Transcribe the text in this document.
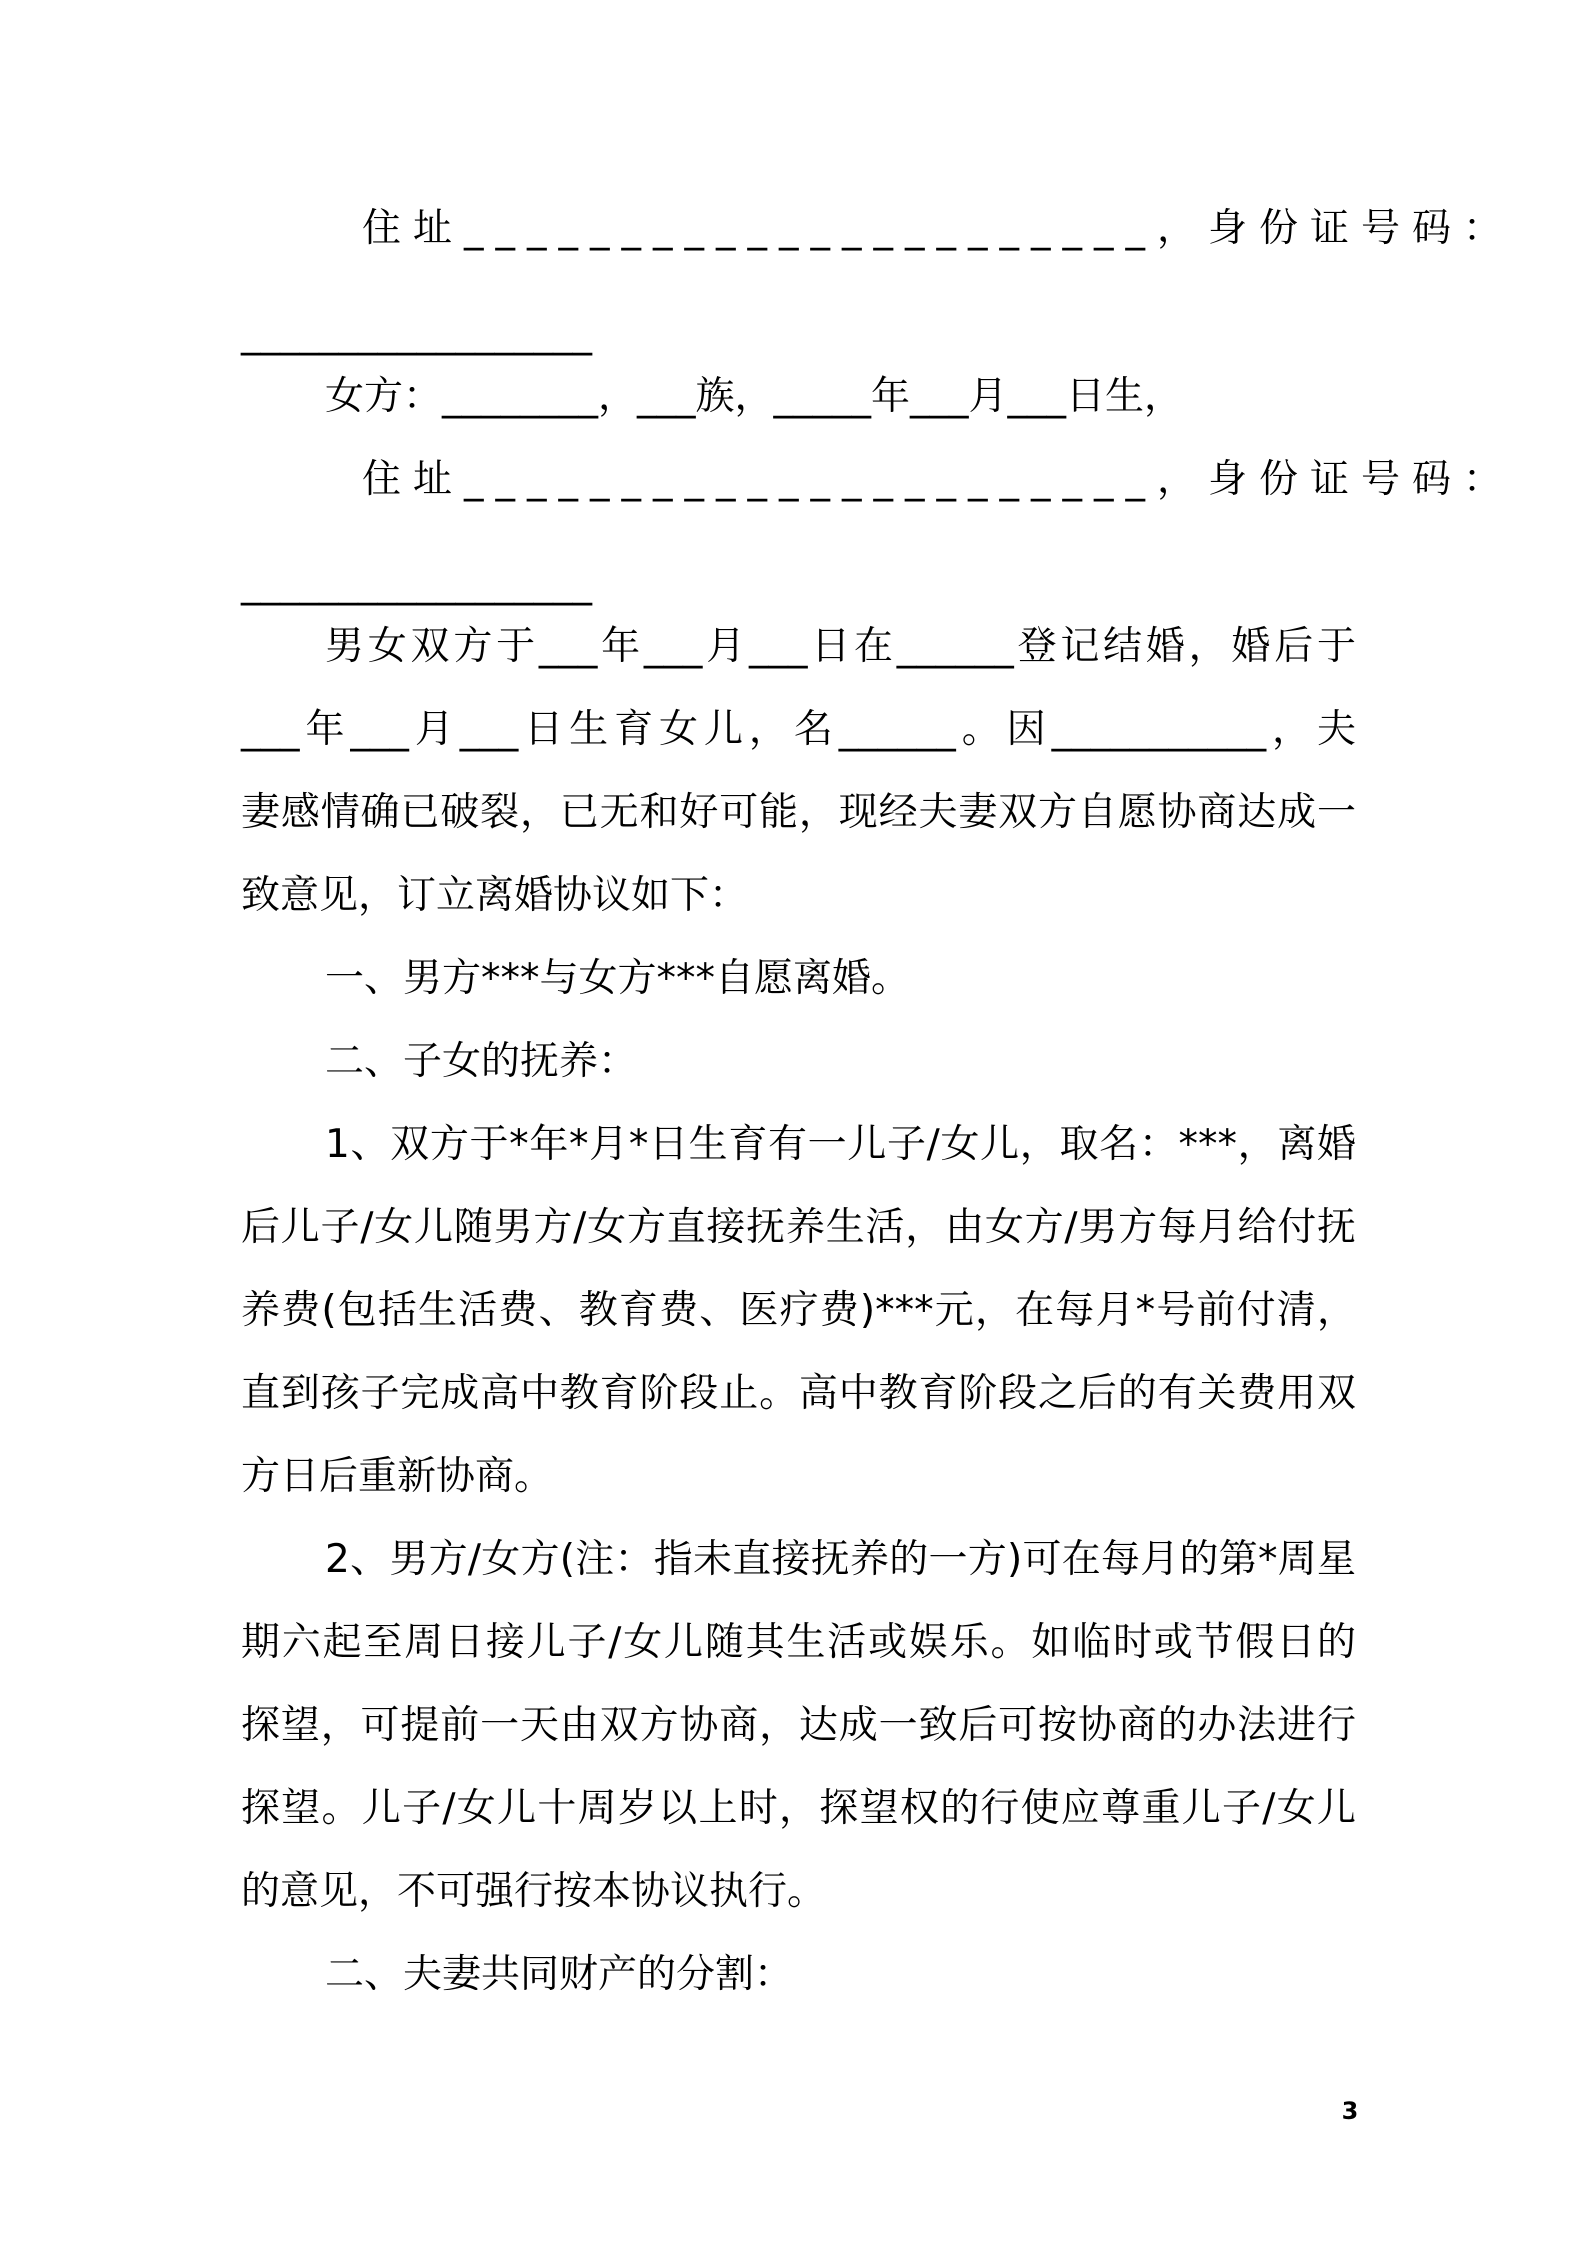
住址______________________，身份证号码：
__________________
女方：________，___族，_____年___月___日生，
住址______________________，身份证号码：
__________________
男女双方于___年___月___日在______登记结婚，婚后于
___年___月___日生育女儿，名______。因___________，夫
妻感情确已破裂，已无和好可能，现经夫妻双方自愿协商达成一
致意见，订立离婚协议如下：
一、男方***与女方***自愿离婚。
二、子女的抚养：
1、双方于*年*月*日生育有一儿子/女儿，取名：***，离婚
后儿子/女儿随男方/女方直接抚养生活，由女方/男方每月给付抚
养费(包括生活费、教育费、医疗费)***元，在每月*号前付清，
直到孩子完成高中教育阶段止。高中教育阶段之后的有关费用双
方日后重新协商。
2、男方/女方(注：指未直接抚养的一方)可在每月的第*周星
期六起至周日接儿子/女儿随其生活或娱乐。如临时或节假日的
探望，可提前一天由双方协商，达成一致后可按协商的办法进行
探望。儿子/女儿十周岁以上时，探望权的行使应尊重儿子/女儿
的意见，不可强行按本协议执行。
二、夫妻共同财产的分割：
3
